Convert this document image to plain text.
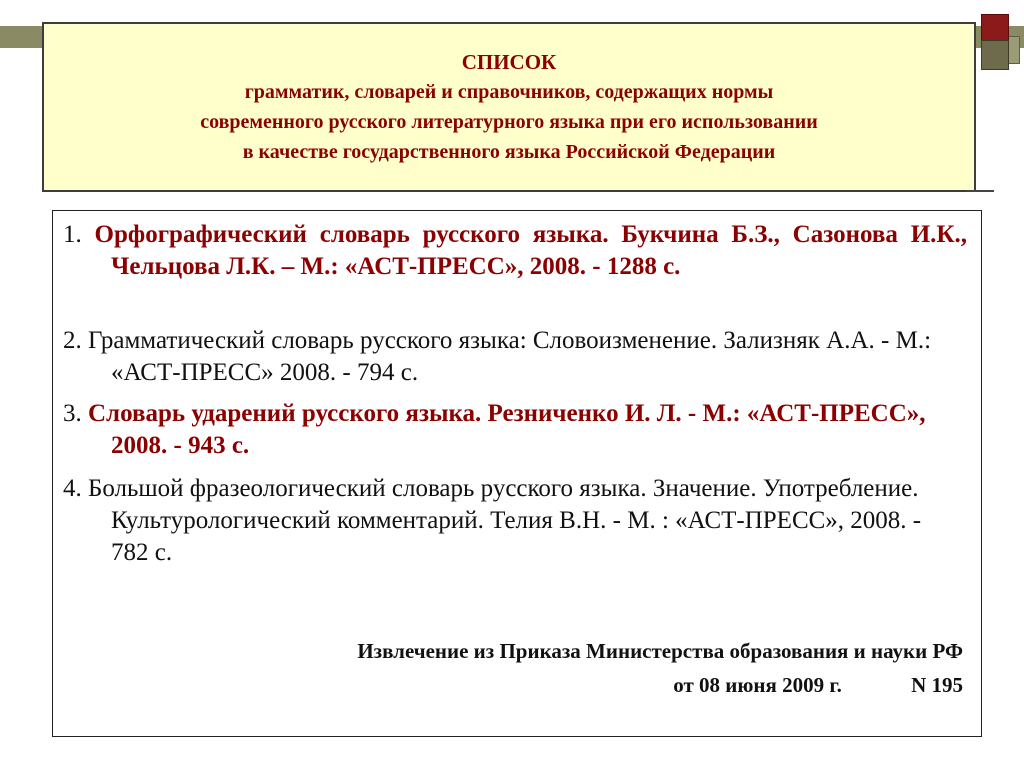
СПИСОК
грамматик, словарей и справочников, содержащих нормы
современного русского литературного языка при его использовании
в качестве государственного языка Российской Федерации
1. Орфографический словарь русского языка. Букчина Б.З., Сазонова И.К., Чельцова Л.К. – М.: «АСТ-ПРЕСС», 2008. - 1288 с.
2. Грамматический словарь русского языка: Словоизменение. Зализняк А.А. - М.: «АСТ-ПРЕСС» 2008. - 794 с.
3. Словарь ударений русского языка. Резниченко И. Л. - М.: «АСТ-ПРЕСС», 2008. - 943 с.
4. Большой фразеологический словарь русского языка. Значение. Употребление. Культурологический комментарий. Телия В.Н. - М. : «АСТ-ПРЕСС», 2008. - 782 с.
Извлечение из Приказа Министерства образования и науки РФ
от 08 июня 2009 г.	N 195
